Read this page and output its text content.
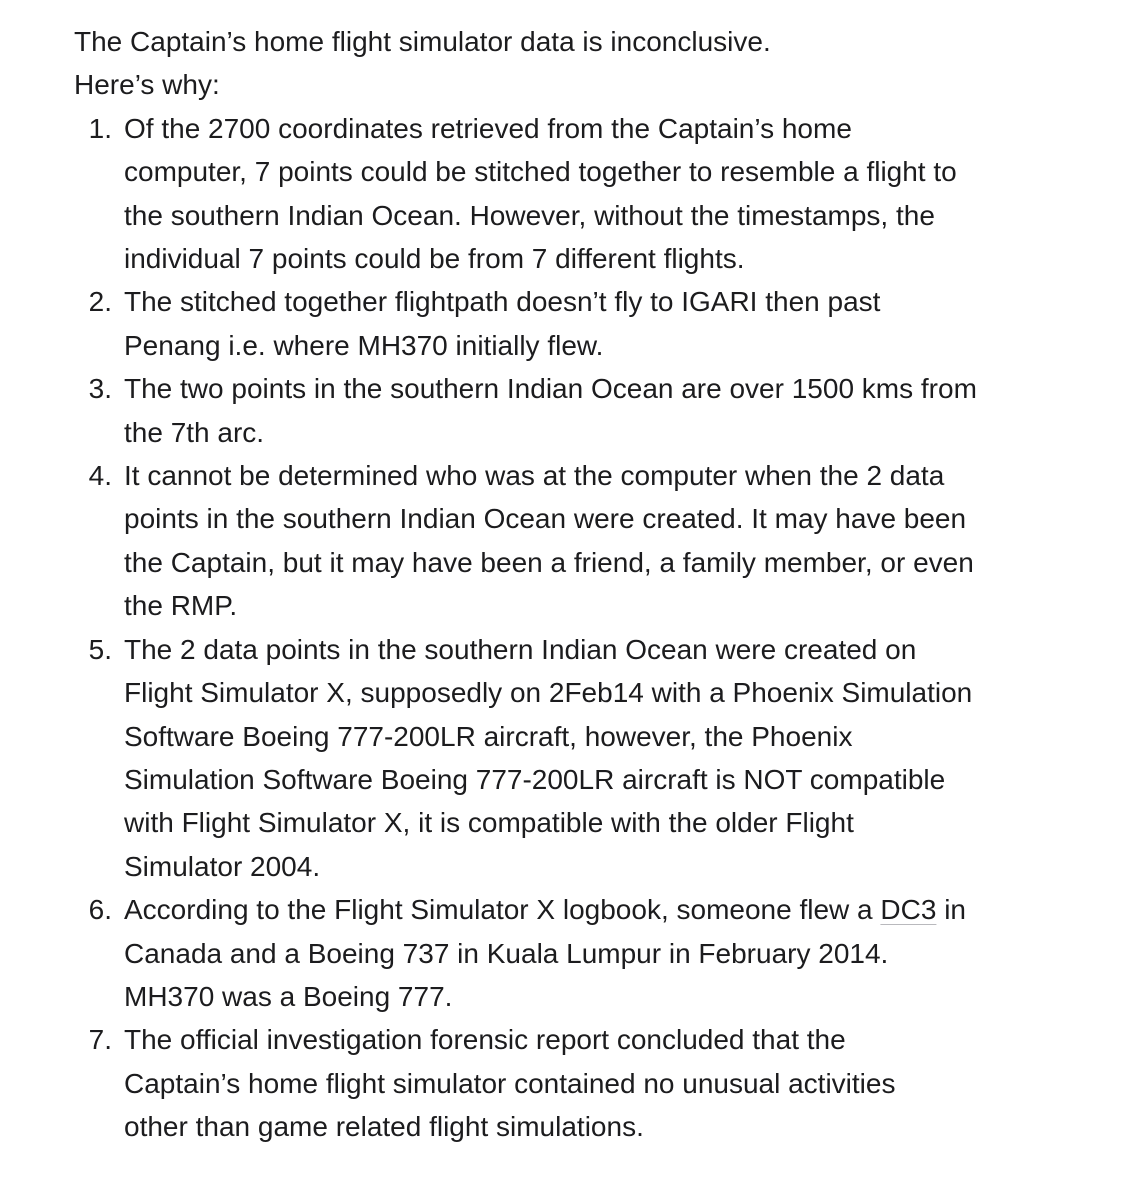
The Captain’s home flight simulator data is inconclusive.
Here’s why:
1. Of the 2700 coordinates retrieved from the Captain’s home
computer, 7 points could be stitched together to resemble a flight to
the southern Indian Ocean. However, without the timestamps, the
individual 7 points could be from 7 different flights.
2. The stitched together flightpath doesn’t fly to IGARI then past
Penang i.e. where MH370 initially flew.
3. The two points in the southern Indian Ocean are over 1500 kms from
the 7th arc.
4. It cannot be determined who was at the computer when the 2 data
points in the southern Indian Ocean were created. It may have been
the Captain, but it may have been a friend, a family member, or even
the RMP.
5. The 2 data points in the southern Indian Ocean were created on
Flight Simulator X, supposedly on 2Feb14 with a Phoenix Simulation
Software Boeing 777-200LR aircraft, however, the Phoenix
Simulation Software Boeing 777-200LR aircraft is NOT compatible
with Flight Simulator X, it is compatible with the older Flight
Simulator 2004.
6. According to the Flight Simulator X logbook, someone flew a DC3 in
Canada and a Boeing 737 in Kuala Lumpur in February 2014.
MH370 was a Boeing 777.
7. The official investigation forensic report concluded that the
Captain’s home flight simulator contained no unusual activities
other than game related flight simulations.
